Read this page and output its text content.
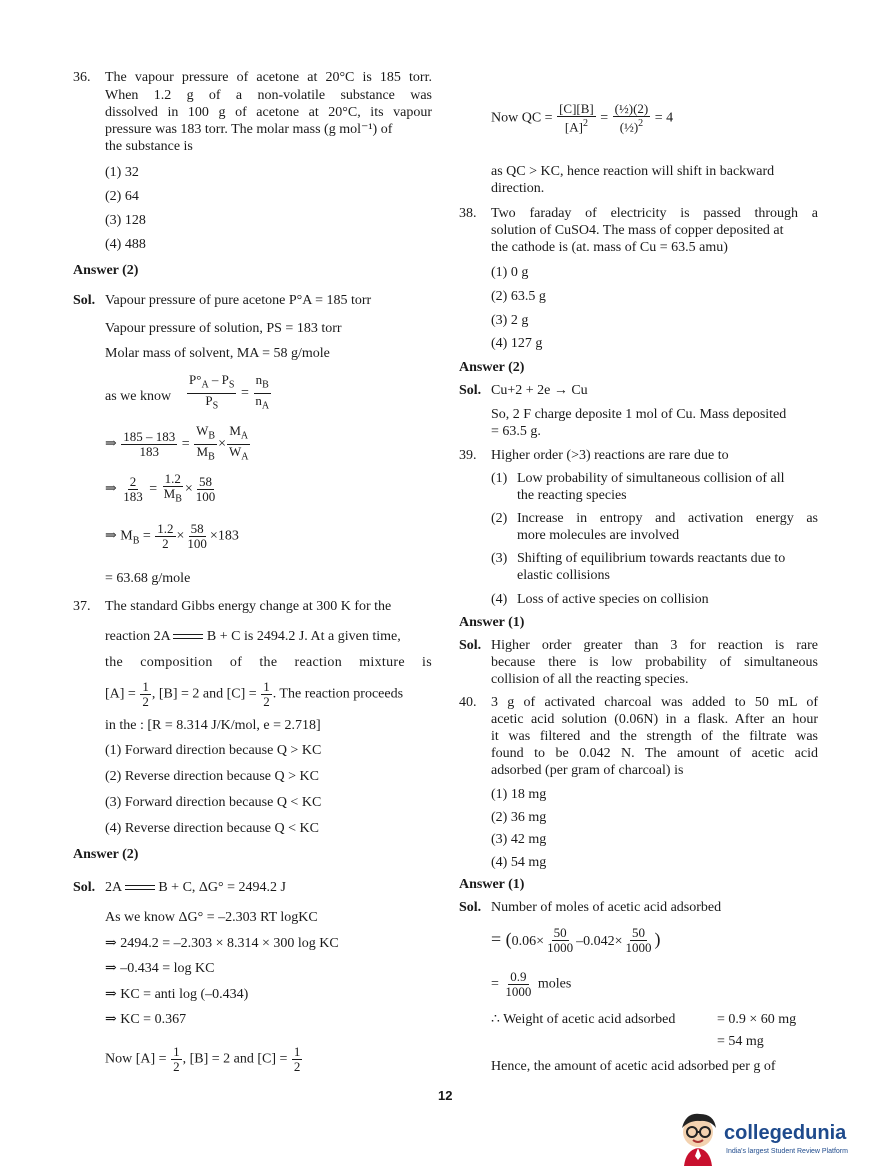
36. The vapour pressure of acetone at 20°C is 185 torr.
When 1.2 g of a non-volatile substance was
dissolved in 100 g of acetone at 20°C, its vapour
pressure was 183 torr. The molar mass (g mol⁻¹) of
the substance is
(1) 32
(2) 64
(3) 128
(4) 488
Answer (2)
Sol. Vapour pressure of pure acetone P°A = 185 torr
Vapour pressure of solution, PS = 183 torr
Molar mass of solvent, MA = 58 g/mole
as we know $\frac{P^\circ_A - P_S}{P_S} = \frac{n_B}{n_A}$
⇒ $\frac{185 - 183}{183} = \frac{W_B}{M_B} \times \frac{M_A}{W_A}$
⇒ $\frac{2}{183} = \frac{1.2}{M_B} \times \frac{58}{100}$
⇒ $M_B = \frac{1.2}{2} \times \frac{58}{100} \times 183$
= 63.68 g/mole
37. The standard Gibbs energy change at 300 K for the
reaction 2A	B + C is 2494.2 J. At a given time,
the composition of the reaction mixture is
$[A] = \frac{1}{2}$ , [B] = 2 and $[C] = \frac{1}{2}$ . The reaction proceeds
in the : [R = 8.314 J/K/mol, e = 2.718]
(1) Forward direction because Q > KC
(2) Reverse direction because Q > KC
(3) Forward direction because Q < KC
(4) Reverse direction because Q < KC
Answer (2)
Sol. 2A	B + C, ΔG° = 2494.2 J
As we know ΔG° = –2.303 RT logKC
⇒ 2494.2 = –2.303 × 8.314 × 300 log KC
⇒ –0.434 = log KC
⇒ KC = anti log (–0.434)
⇒ KC = 0.367
Now $[A] = \frac{1}{2}$ , [B] = 2 and $[C] = \frac{1}{2}$
Now QC = $\frac{[C][B]}{[A]^2} = \frac{\text{(½)(2)}}{(\frac{1}{2})^2} = 4$
as QC > KC, hence reaction will shift in backward
direction.
38. Two faraday of electricity is passed through a
solution of CuSO4. The mass of copper deposited at
the cathode is (at. mass of Cu = 63.5 amu)
(1) 0 g
(2) 63.5 g
(3) 2 g
(4) 127 g
Answer (2)
Sol. Cu+2 + 2e → Cu
So, 2 F charge deposite 1 mol of Cu. Mass deposited
= 63.5 g.
39. Higher order (>3) reactions are rare due to
(1) Low probability of simultaneous collision of all
the reacting species
(2) Increase in entropy and activation energy as
more molecules are involved
(3) Shifting of equilibrium towards reactants due to
elastic collisions
(4) Loss of active species on collision
Answer (1)
Sol. Higher order greater than 3 for reaction is rare
because there is low probability of simultaneous
collision of all the reacting species.
40. 3 g of activated charcoal was added to 50 mL of
acetic acid solution (0.06N) in a flask. After an hour
it was filtered and the strength of the filtrate was
found to be 0.042 N. The amount of acetic acid
adsorbed (per gram of charcoal) is
(1) 18 mg
(2) 36 mg
(3) 42 mg
(4) 54 mg
Answer (1)
Sol. Number of moles of acetic acid adsorbed
= ($0.06\times \frac{50}{1000} -0.042\times \frac{50}{1000}$ )
= $\frac{0.9}{1000}$ moles
∴ Weight of acetic acid adsorbed	= 0.9 × 60 mg
= 54 mg
Hence, the amount of acetic acid adsorbed per g of
12
collegedunia
India's largest Student Review Platform
